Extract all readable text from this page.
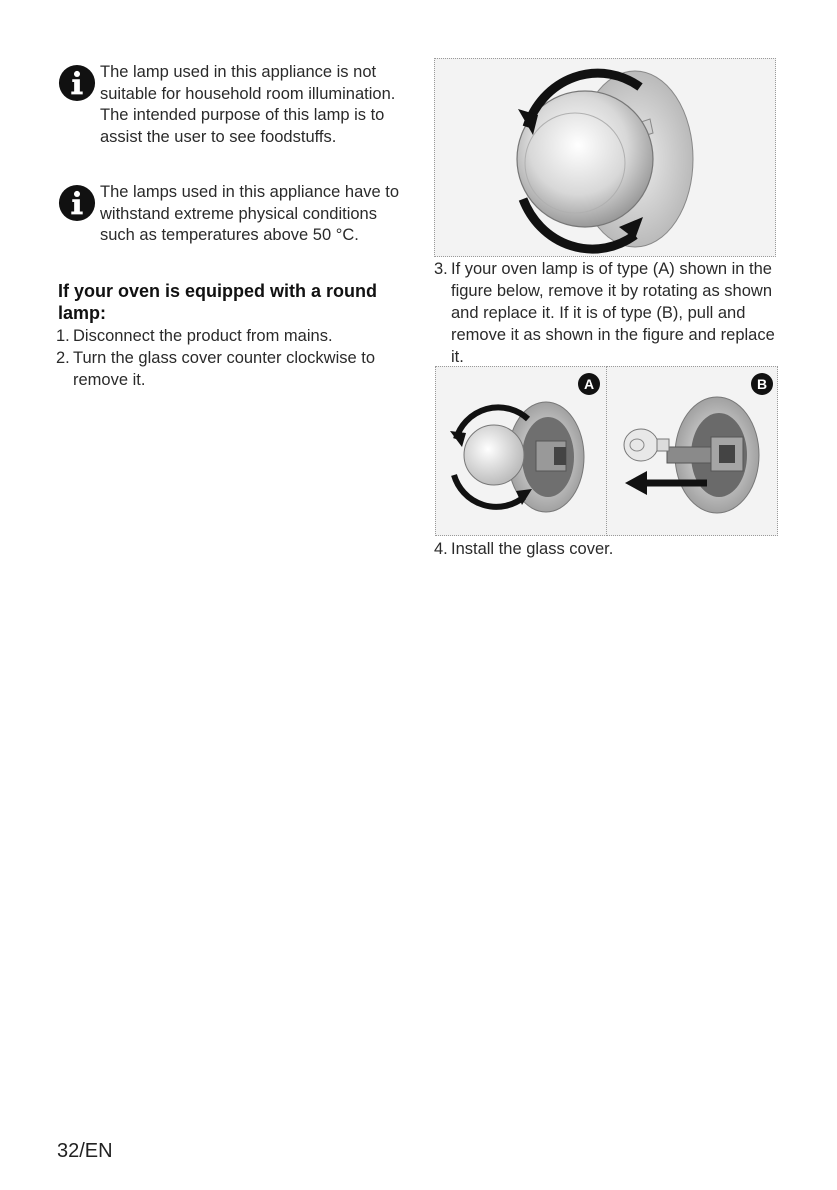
The lamp used in this appliance is not suitable for household room illumination. The intended purpose of this lamp is to assist the user to see foodstuffs.

The lamps used in this appliance have to withstand extreme physical conditions such as temperatures above 50 °C.

If your oven is equipped with a round lamp:
1. Disconnect the product from mains.
2. Turn the glass cover counter clockwise to remove it.
3. If your oven lamp is of type (A) shown in the figure below, remove it by rotating as shown and replace it. If it is of type (B), pull and remove it as shown in the figure and replace it.
A	B
4. Install the glass cover.

32/EN
